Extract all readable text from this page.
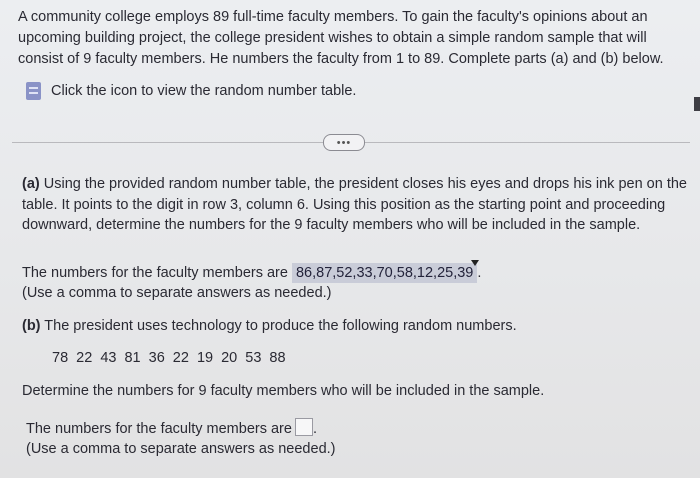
A community college employs 89 full-time faculty members. To gain the faculty's opinions about an upcoming building project, the college president wishes to obtain a simple random sample that will consist of 9 faculty members. He numbers the faculty from 1 to 89. Complete parts (a) and (b) below.
Click the icon to view the random number table.
•••
(a) Using the provided random number table, the president closes his eyes and drops his ink pen on the table. It points to the digit in row 3, column 6. Using this position as the starting point and proceeding downward, determine the numbers for the 9 faculty members who will be included in the sample.
The numbers for the faculty members are 86,87,52,33,70,58,12,25,39 .
(Use a comma to separate answers as needed.)
(b) The president uses technology to produce the following random numbers.
78 22 43 81 36 22 19 20 53 88
Determine the numbers for 9 faculty members who will be included in the sample.
The numbers for the faculty members are .
(Use a comma to separate answers as needed.)
